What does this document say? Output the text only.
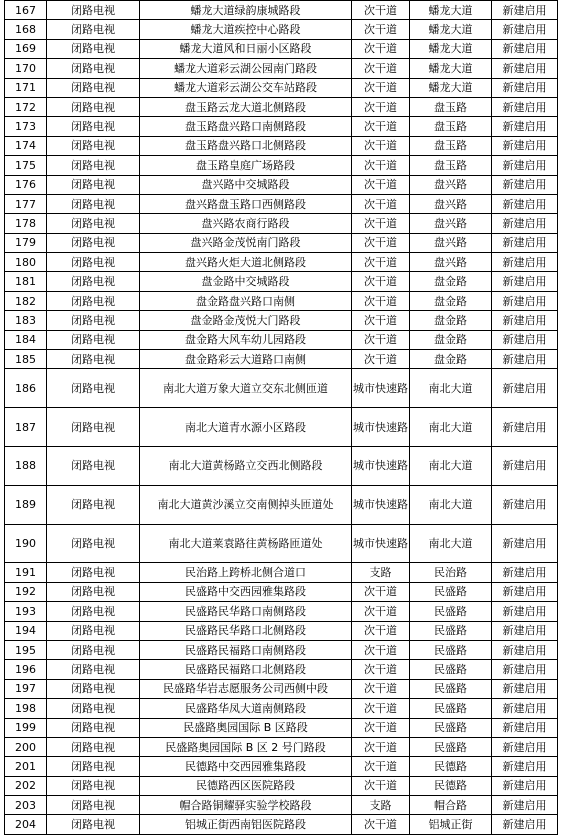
167	闭路电视	蟠龙大道绿韵康城路段	次干道	蟠龙大道	新建启用
168	闭路电视	蟠龙大道疾控中心路段	次干道	蟠龙大道	新建启用
169	闭路电视	蟠龙大道风和日丽小区路段	次干道	蟠龙大道	新建启用
170	闭路电视	蟠龙大道彩云湖公园南门路段	次干道	蟠龙大道	新建启用
171	闭路电视	蟠龙大道彩云湖公交车站路段	次干道	蟠龙大道	新建启用
172	闭路电视	盘玉路云龙大道北侧路段	次干道	盘玉路	新建启用
173	闭路电视	盘玉路盘兴路口南侧路段	次干道	盘玉路	新建启用
174	闭路电视	盘玉路盘兴路口北侧路段	次干道	盘玉路	新建启用
175	闭路电视	盘玉路皇庭广场路段	次干道	盘玉路	新建启用
176	闭路电视	盘兴路中交城路段	次干道	盘兴路	新建启用
177	闭路电视	盘兴路盘玉路口西侧路段	次干道	盘兴路	新建启用
178	闭路电视	盘兴路农商行路段	次干道	盘兴路	新建启用
179	闭路电视	盘兴路金茂悦南门路段	次干道	盘兴路	新建启用
180	闭路电视	盘兴路火炬大道北侧路段	次干道	盘兴路	新建启用
181	闭路电视	盘金路中交城路段	次干道	盘金路	新建启用
182	闭路电视	盘金路盘兴路口南侧	次干道	盘金路	新建启用
183	闭路电视	盘金路金茂悦大门路段	次干道	盘金路	新建启用
184	闭路电视	盘金路大风车幼儿园路段	次干道	盘金路	新建启用
185	闭路电视	盘金路彩云大道路口南侧	次干道	盘金路	新建启用
186	闭路电视	南北大道万象大道立交东北侧匝道	城市快速路	南北大道	新建启用
187	闭路电视	南北大道青水源小区路段	城市快速路	南北大道	新建启用
188	闭路电视	南北大道黄杨路立交西北侧路段	城市快速路	南北大道	新建启用
189	闭路电视	南北大道黄沙溪立交南侧掉头匝道处	城市快速路	南北大道	新建启用
190	闭路电视	南北大道莱袁路往黄杨路匝道处	城市快速路	南北大道	新建启用
191	闭路电视	民治路上跨桥北侧合道口	支路	民治路	新建启用
192	闭路电视	民盛路中交西园雅集路段	次干道	民盛路	新建启用
193	闭路电视	民盛路民华路口南侧路段	次干道	民盛路	新建启用
194	闭路电视	民盛路民华路口北侧路段	次干道	民盛路	新建启用
195	闭路电视	民盛路民福路口南侧路段	次干道	民盛路	新建启用
196	闭路电视	民盛路民福路口北侧路段	次干道	民盛路	新建启用
197	闭路电视	民盛路华岩志愿服务公司西侧中段	次干道	民盛路	新建启用
198	闭路电视	民盛路华凤大道南侧路段	次干道	民盛路	新建启用
199	闭路电视	民盛路奥园国际 B 区路段	次干道	民盛路	新建启用
200	闭路电视	民盛路奥园国际 B 区 2 号门路段	次干道	民盛路	新建启用
201	闭路电视	民德路中交西园雅集路段	次干道	民德路	新建启用
202	闭路电视	民德路西区医院路段	次干道	民德路	新建启用
203	闭路电视	帽合路铜耀驿实验学校路段	支路	帽合路	新建启用
204	闭路电视	铝城正街西南铝医院路段	次干道	铝城正街	新建启用
